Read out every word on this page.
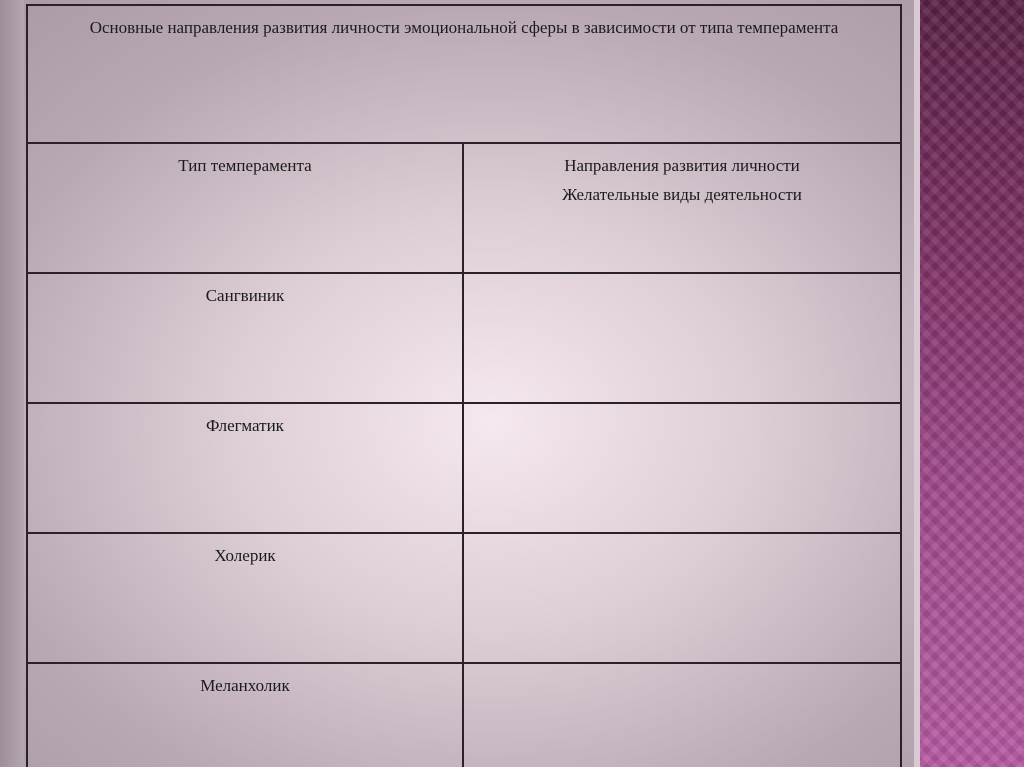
Основные направления развития личности эмоциональной сферы в зависимости от типа темперамента	
Тип темперамента	Направления развития личности
Желательные виды деятельности

Сангвиник	
Флегматик	
Холерик	
Меланхолик	
